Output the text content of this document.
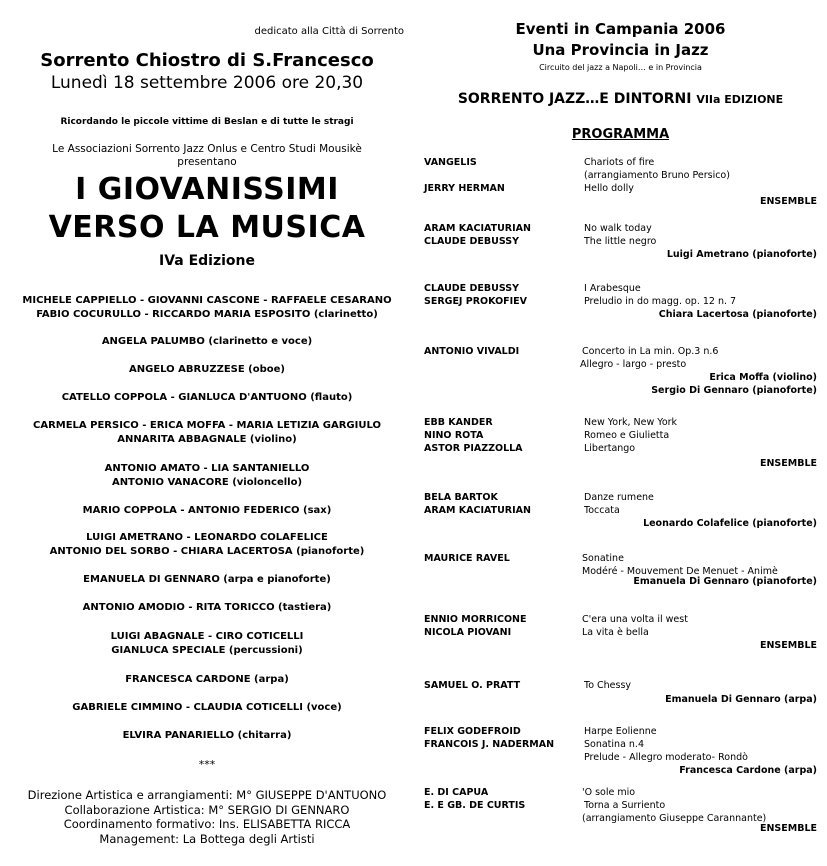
dedicato alla Città di Sorrento
Sorrento Chiostro di S.Francesco
Lunedì 18 settembre 2006 ore 20,30
Ricordando le piccole vittime di Beslan e di tutte le stragi
Le Associazioni Sorrento Jazz Onlus e Centro Studi Mousikè
presentano
I GIOVANISSIMI
VERSO LA MUSICA
IVa Edizione
MICHELE CAPPIELLO - GIOVANNI CASCONE - RAFFAELE CESARANO
FABIO COCURULLO - RICCARDO MARIA ESPOSITO (clarinetto)
ANGELA PALUMBO (clarinetto e voce)
ANGELO ABRUZZESE (oboe)
CATELLO COPPOLA - GIANLUCA D'ANTUONO (flauto)
CARMELA PERSICO - ERICA MOFFA - MARIA LETIZIA GARGIULO
ANNARITA ABBAGNALE (violino)
ANTONIO AMATO - LIA SANTANIELLO
ANTONIO VANACORE (violoncello)
MARIO COPPOLA - ANTONIO FEDERICO (sax)
LUIGI AMETRANO - LEONARDO COLAFELICE
ANTONIO DEL SORBO - CHIARA LACERTOSA (pianoforte)
EMANUELA DI GENNARO (arpa e pianoforte)
ANTONIO AMODIO - RITA TORICCO (tastiera)
LUIGI ABAGNALE - CIRO COTICELLI
GIANLUCA SPECIALE (percussioni)
FRANCESCA CARDONE (arpa)
GABRIELE CIMMINO - CLAUDIA COTICELLI (voce)
ELVIRA PANARIELLO (chitarra)
***
Direzione Artistica e arrangiamenti: M° GIUSEPPE D'ANTUONO
Collaborazione Artistica: M° SERGIO DI GENNARO
Coordinamento formativo: Ins. ELISABETTA RICCA
Management: La Bottega degli Artisti
Eventi in Campania 2006
Una Provincia in Jazz
Circuito del jazz a Napoli… e in Provincia
SORRENTO JAZZ…E DINTORNI VIIa EDIZIONE
PROGRAMMA
VANGELIS	Chariots of fire
(arrangiamento Bruno Persico)
JERRY HERMAN	Hello dolly
ENSEMBLE
ARAM KACIATURIAN	No walk today
CLAUDE DEBUSSY	The little negro
Luigi Ametrano (pianoforte)
CLAUDE DEBUSSY	I Arabesque
SERGEJ PROKOFIEV	Preludio in do magg. op. 12 n. 7
Chiara Lacertosa (pianoforte)
ANTONIO VIVALDI	Concerto in La min. Op.3 n.6
Allegro - largo - presto
Erica Moffa (violino)
Sergio Di Gennaro (pianoforte)
EBB KANDER	New York, New York
NINO ROTA	Romeo e Giulietta
ASTOR PIAZZOLLA	Libertango
ENSEMBLE
BELA BARTOK	Danze rumene
ARAM KACIATURIAN	Toccata
Leonardo Colafelice (pianoforte)
MAURICE RAVEL	Sonatine
Modéré - Mouvement De Menuet - Animè
Emanuela Di Gennaro (pianoforte)
ENNIO MORRICONE	C'era una volta il west
NICOLA PIOVANI	La vita è bella
ENSEMBLE
SAMUEL O. PRATT	To Chessy
Emanuela Di Gennaro (arpa)
FELIX GODEFROID	Harpe Eolienne
FRANCOIS J. NADERMAN	Sonatina n.4
Prelude - Allegro moderato- Rondò
Francesca Cardone (arpa)
E. DI CAPUA	'O sole mio
E. E GB. DE CURTIS	Torna a Surriento
(arrangiamento Giuseppe Carannante)
ENSEMBLE
